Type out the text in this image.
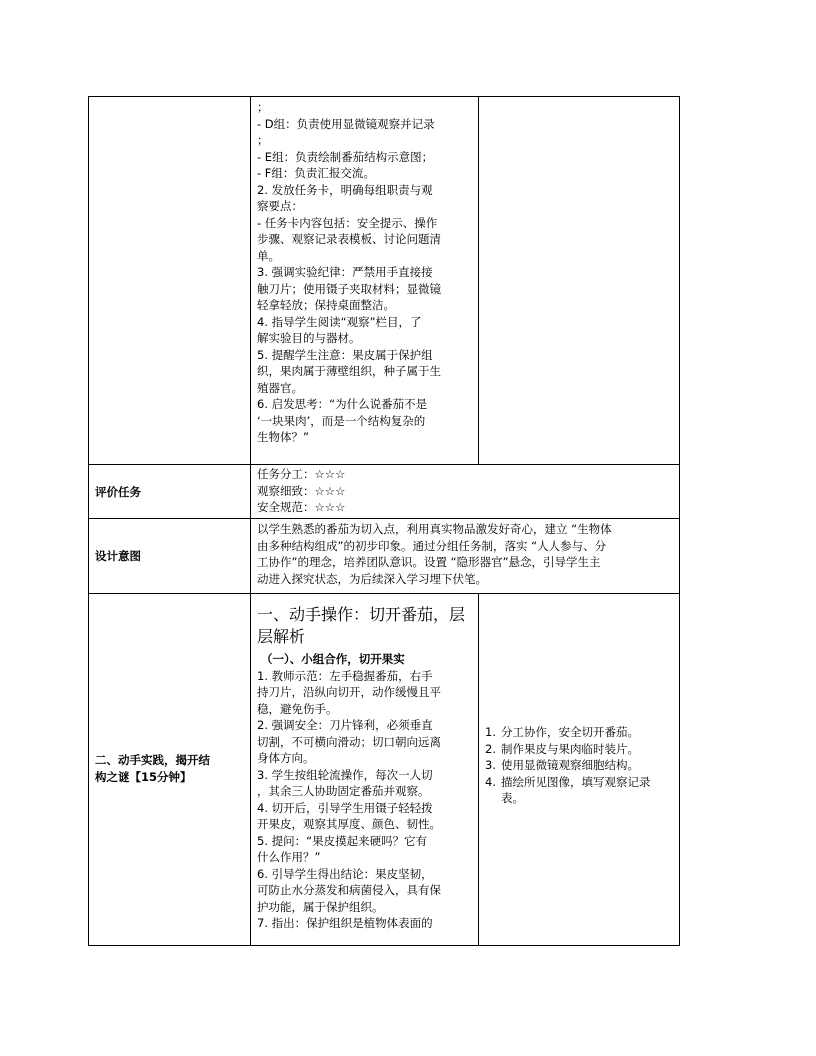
；
- D组：负责使用显微镜观察并记录
；
- E组：负责绘制番茄结构示意图；
- F组：负责汇报交流。
2. 发放任务卡，明确每组职责与观
察要点：
- 任务卡内容包括：安全提示、操作
步骤、观察记录表模板、讨论问题清
单。
3. 强调实验纪律：严禁用手直接接
触刀片；使用镊子夹取材料；显微镜
轻拿轻放；保持桌面整洁。
4. 指导学生阅读“观察”栏目，了
解实验目的与器材。
5. 提醒学生注意：果皮属于保护组
织，果肉属于薄壁组织，种子属于生
殖器官。
6. 启发思考：“为什么说番茄不是
‘一块果肉’，而是一个结构复杂的
生物体？”
评价任务
任务分工：☆☆☆
观察细致：☆☆☆
安全规范：☆☆☆
设计意图
以学生熟悉的番茄为切入点，利用真实物品激发好奇心，建立 “生物体
由多种结构组成”的初步印象。通过分组任务制，落实 “人人参与、分
工协作”的理念，培养团队意识。设置 “隐形器官”悬念，引导学生主
动进入探究状态，为后续深入学习埋下伏笔。
二、动手实践，揭开结
构之谜【15分钟】
一、动手操作：切开番茄，层
层解析
（一）、小组合作，切开果实
1. 教师示范：左手稳握番茄，右手
持刀片，沿纵向切开，动作缓慢且平
稳，避免伤手。
2. 强调安全：刀片锋利，必须垂直
切割，不可横向滑动；切口朝向远离
身体方向。
3. 学生按组轮流操作，每次一人切
，其余三人协助固定番茄并观察。
4. 切开后，引导学生用镊子轻轻拨
开果皮，观察其厚度、颜色、韧性。
5. 提问：“果皮摸起来硬吗？它有
什么作用？”
6. 引导学生得出结论：果皮坚韧，
可防止水分蒸发和病菌侵入，具有保
护功能，属于保护组织。
7. 指出：保护组织是植物体表面的
1. 分工协作，安全切开番茄。
2. 制作果皮与果肉临时装片。
3. 使用显微镜观察细胞结构。
4. 描绘所见图像，填写观察记录表。
